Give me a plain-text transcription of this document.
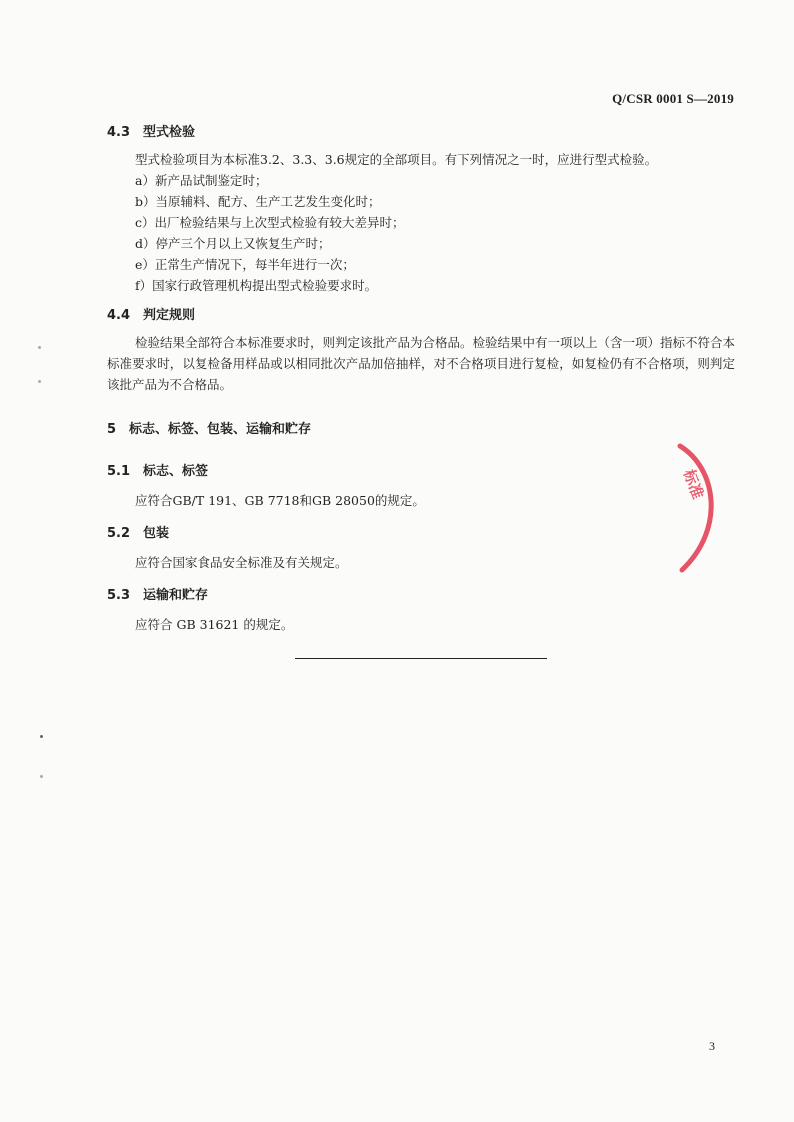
Q/CSR 0001 S—2019
4.3 型式检验
型式检验项目为本标准3.2、3.3、3.6规定的全部项目。有下列情况之一时，应进行型式检验。
a）新产品试制鉴定时；
b）当原辅料、配方、生产工艺发生变化时；
c）出厂检验结果与上次型式检验有较大差异时；
d）停产三个月以上又恢复生产时；
e）正常生产情况下，每半年进行一次；
f）国家行政管理机构提出型式检验要求时。
4.4 判定规则
检验结果全部符合本标准要求时，则判定该批产品为合格品。检验结果中有一项以上（含一项）指标不符合本标准要求时，以复检备用样品或以相同批次产品加倍抽样，对不合格项目进行复检，如复检仍有不合格项，则判定该批产品为不合格品。
5 标志、标签、包装、运输和贮存
5.1 标志、标签
应符合GB/T 191、GB 7718和GB 28050的规定。
5.2 包装
应符合国家食品安全标准及有关规定。
5.3 运输和贮存
应符合 GB 31621 的规定。
标准
3
